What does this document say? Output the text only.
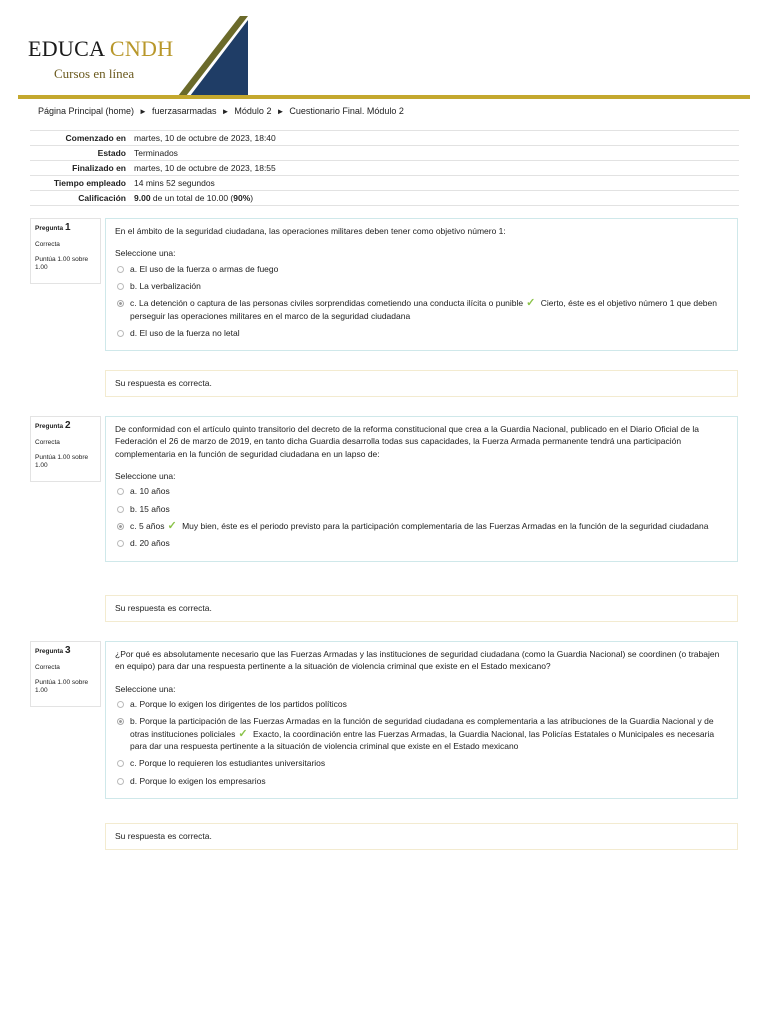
EDUCA CNDH
Cursos en línea
Página Principal (home) ► fuerzasarmadas ► Módulo 2 ► Cuestionario Final. Módulo 2
Comenzado en	martes, 10 de octubre de 2023, 18:40
Estado	Terminados
Finalizado en	martes, 10 de octubre de 2023, 18:55
Tiempo empleado	14 mins 52 segundos
Calificación	9.00 de un total de 10.00 (90%)
Pregunta 1
Correcta
Puntúa 1.00 sobre 1.00
En el ámbito de la seguridad ciudadana, las operaciones militares deben tener como objetivo número 1:
Seleccione una:
a. El uso de la fuerza o armas de fuego
b. La verbalización
c. La detención o captura de las personas civiles sorprendidas cometiendo una conducta ilícita o punible ✓ Cierto, éste es el objetivo número 1 que deben perseguir las operaciones militares en el marco de la seguridad ciudadana
d. El uso de la fuerza no letal
Su respuesta es correcta.
Pregunta 2
Correcta
Puntúa 1.00 sobre 1.00
De conformidad con el artículo quinto transitorio del decreto de la reforma constitucional que crea a la Guardia Nacional, publicado en el Diario Oficial de la Federación el 26 de marzo de 2019, en tanto dicha Guardia desarrolla todas sus capacidades, la Fuerza Armada permanente tendrá una participación complementaria en la función de seguridad ciudadana en un lapso de:
Seleccione una:
a. 10 años
b. 15 años
c. 5 años ✓ Muy bien, éste es el periodo previsto para la participación complementaria de las Fuerzas Armadas en la función de la seguridad ciudadana
d. 20 años
Su respuesta es correcta.
Pregunta 3
Correcta
Puntúa 1.00 sobre 1.00
¿Por qué es absolutamente necesario que las Fuerzas Armadas y las instituciones de seguridad ciudadana (como la Guardia Nacional) se coordinen (o trabajen en equipo) para dar una respuesta pertinente a la situación de violencia criminal que existe en el Estado mexicano?
Seleccione una:
a. Porque lo exigen los dirigentes de los partidos políticos
b. Porque la participación de las Fuerzas Armadas en la función de seguridad ciudadana es complementaria a las atribuciones de la Guardia Nacional y de otras instituciones policiales ✓ Exacto, la coordinación entre las Fuerzas Armadas, la Guardia Nacional, las Policías Estatales o Municipales es necesaria para dar una respuesta pertinente a la situación de violencia criminal que existe en el Estado mexicano
c. Porque lo requieren los estudiantes universitarios
d. Porque lo exigen los empresarios
Su respuesta es correcta.
